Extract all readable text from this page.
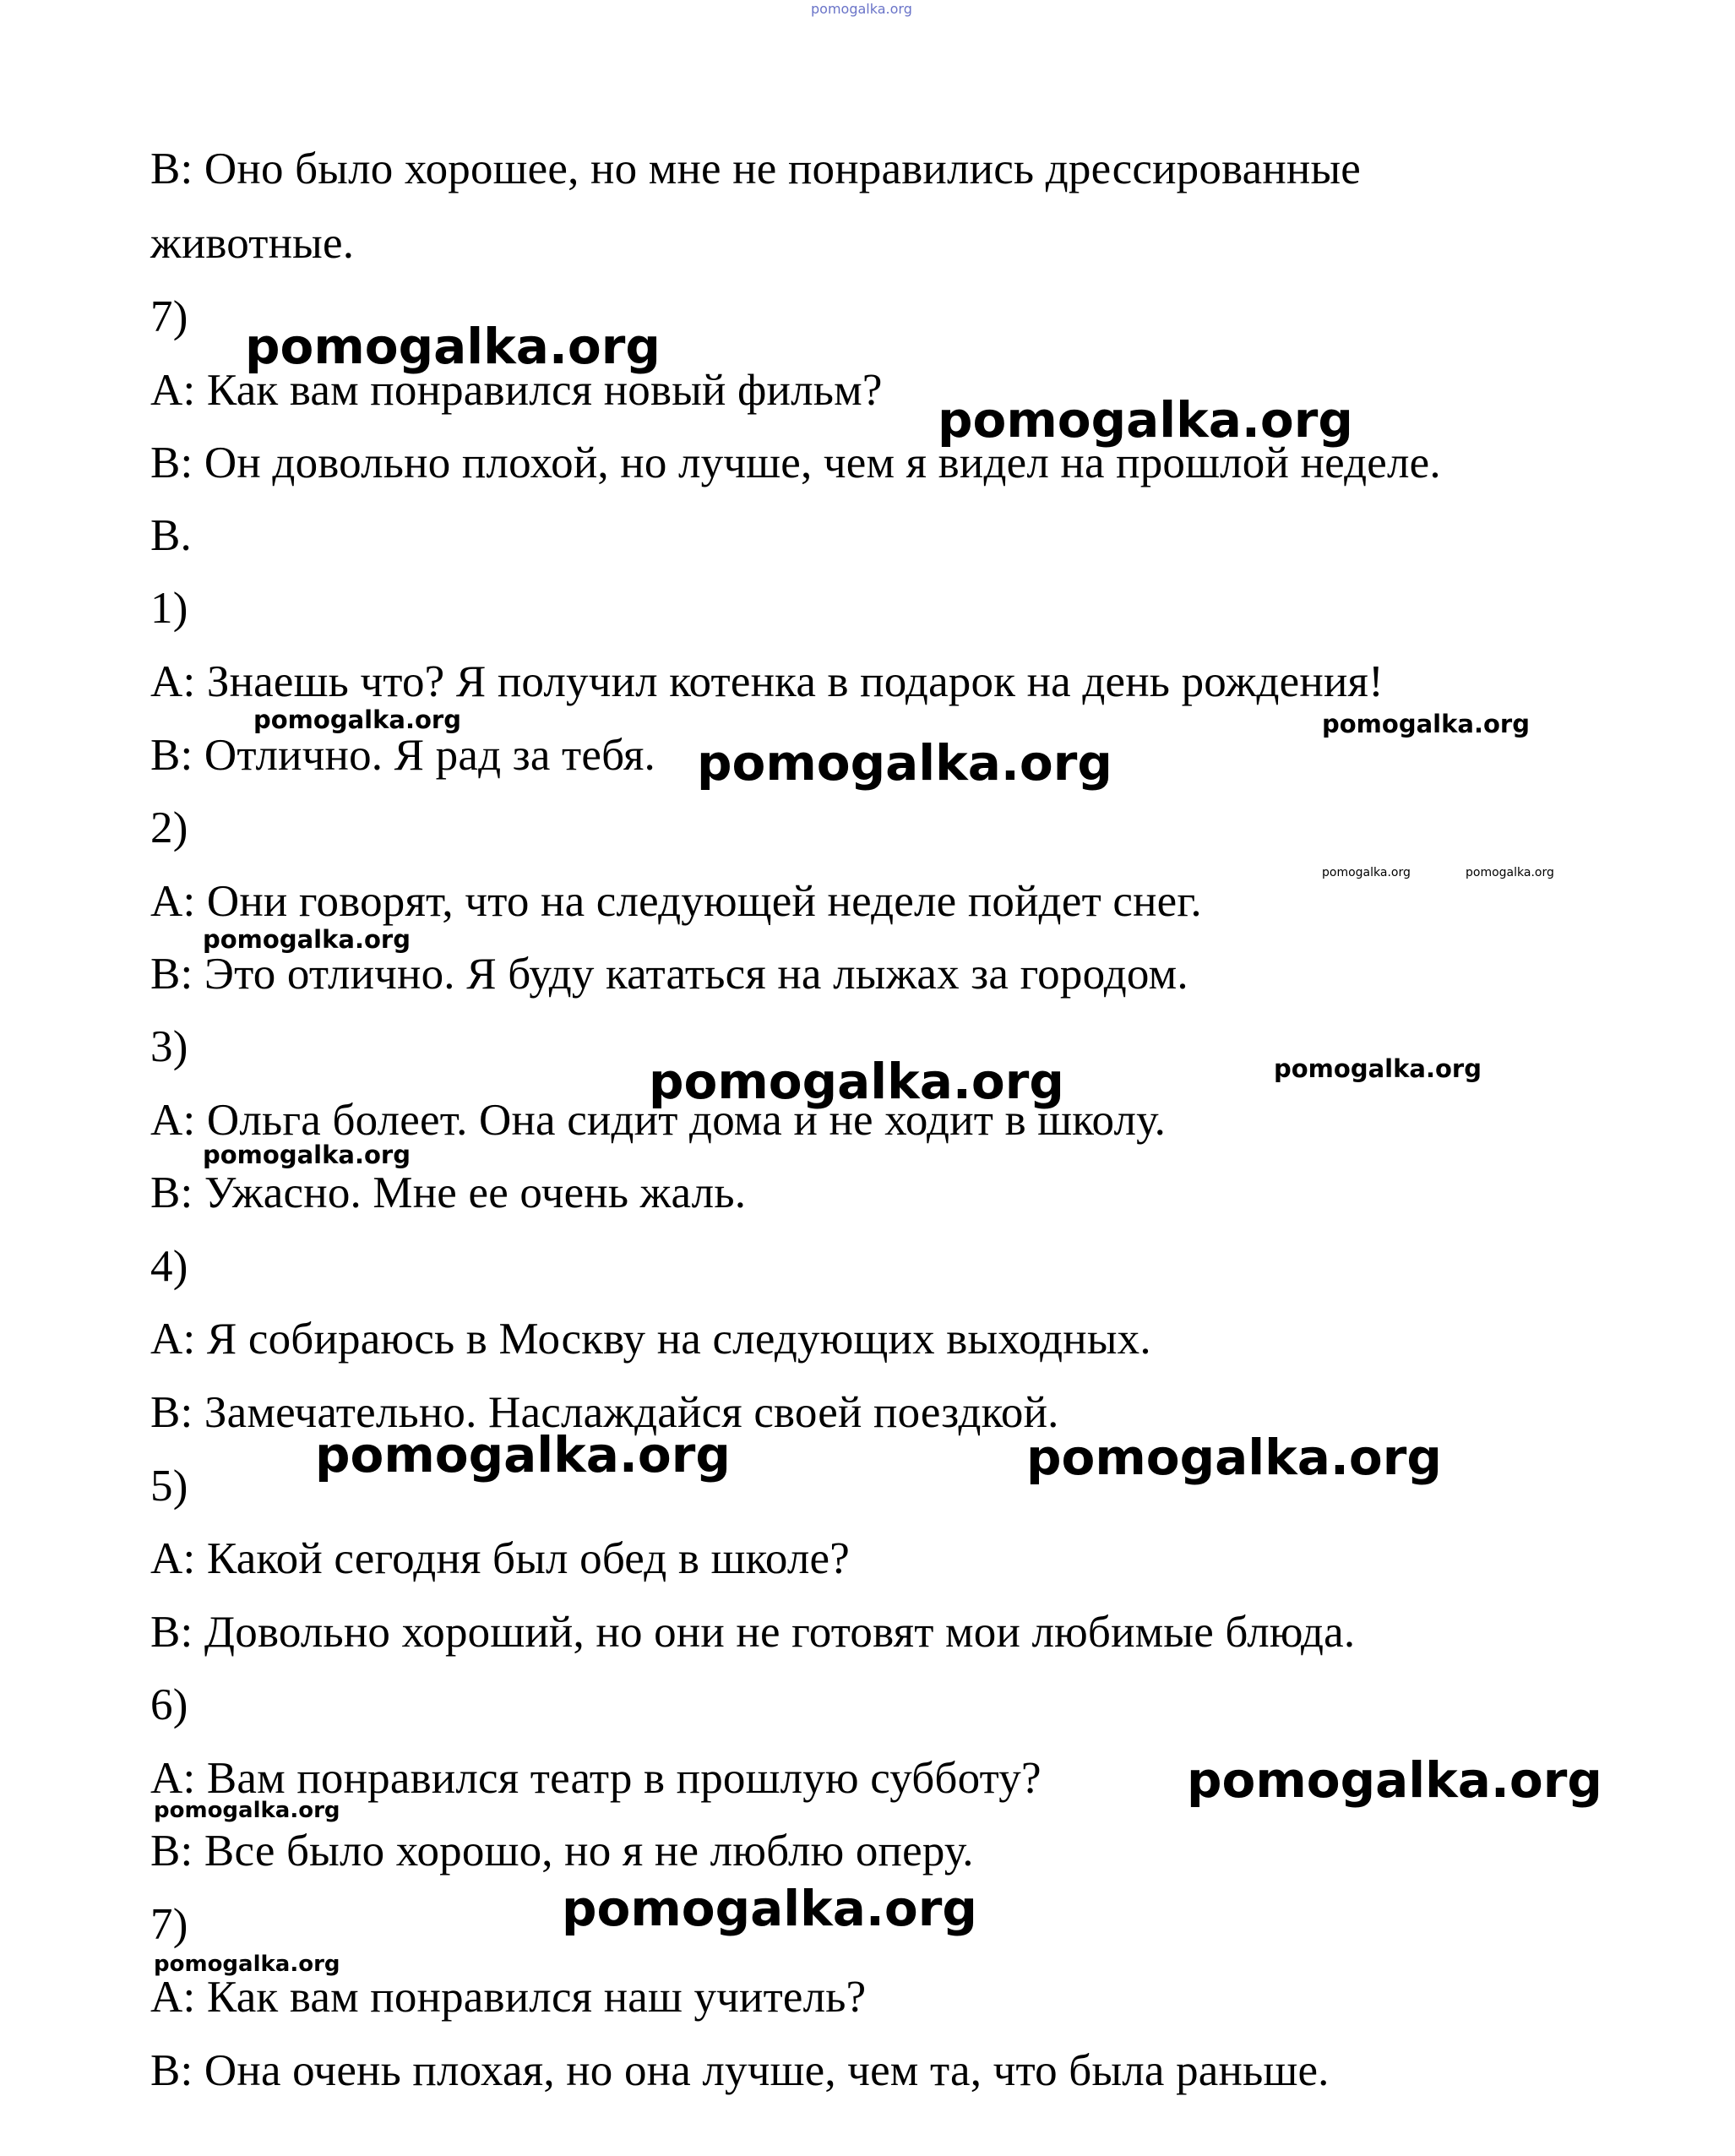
pomogalka.org
В: Оно было хорошее, но мне не понравились дрессированные
животные.
7)
А: Как вам понравился новый фильм?
В: Он довольно плохой, но лучше, чем я видел на прошлой неделе.
В.
1)
А: Знаешь что? Я получил котенка в подарок на день рождения!
В: Отлично. Я рад за тебя.
2)
А: Они говорят, что на следующей неделе пойдет снег.
В: Это отлично. Я буду кататься на лыжах за городом.
3)
А: Ольга болеет. Она сидит дома и не ходит в школу.
В: Ужасно. Мне ее очень жаль.
4)
А: Я собираюсь в Москву на следующих выходных.
В: Замечательно. Наслаждайся своей поездкой.
5)
А: Какой сегодня был обед в школе?
В: Довольно хороший, но они не готовят мои любимые блюда.
6)
А: Вам понравился театр в прошлую субботу?
В: Все было хорошо, но я не люблю оперу.
7)
А: Как вам понравился наш учитель?
В: Она очень плохая, но она лучше, чем та, что была раньше.
pomogalka.org
pomogalka.org
pomogalka.org	pomogalka.org
pomogalka.org
pomogalka.org	pomogalka.org
pomogalka.org
pomogalka.org	pomogalka.org
pomogalka.org
pomogalka.org	pomogalka.org
pomogalka.org
pomogalka.org
pomogalka.org
pomogalka.org
